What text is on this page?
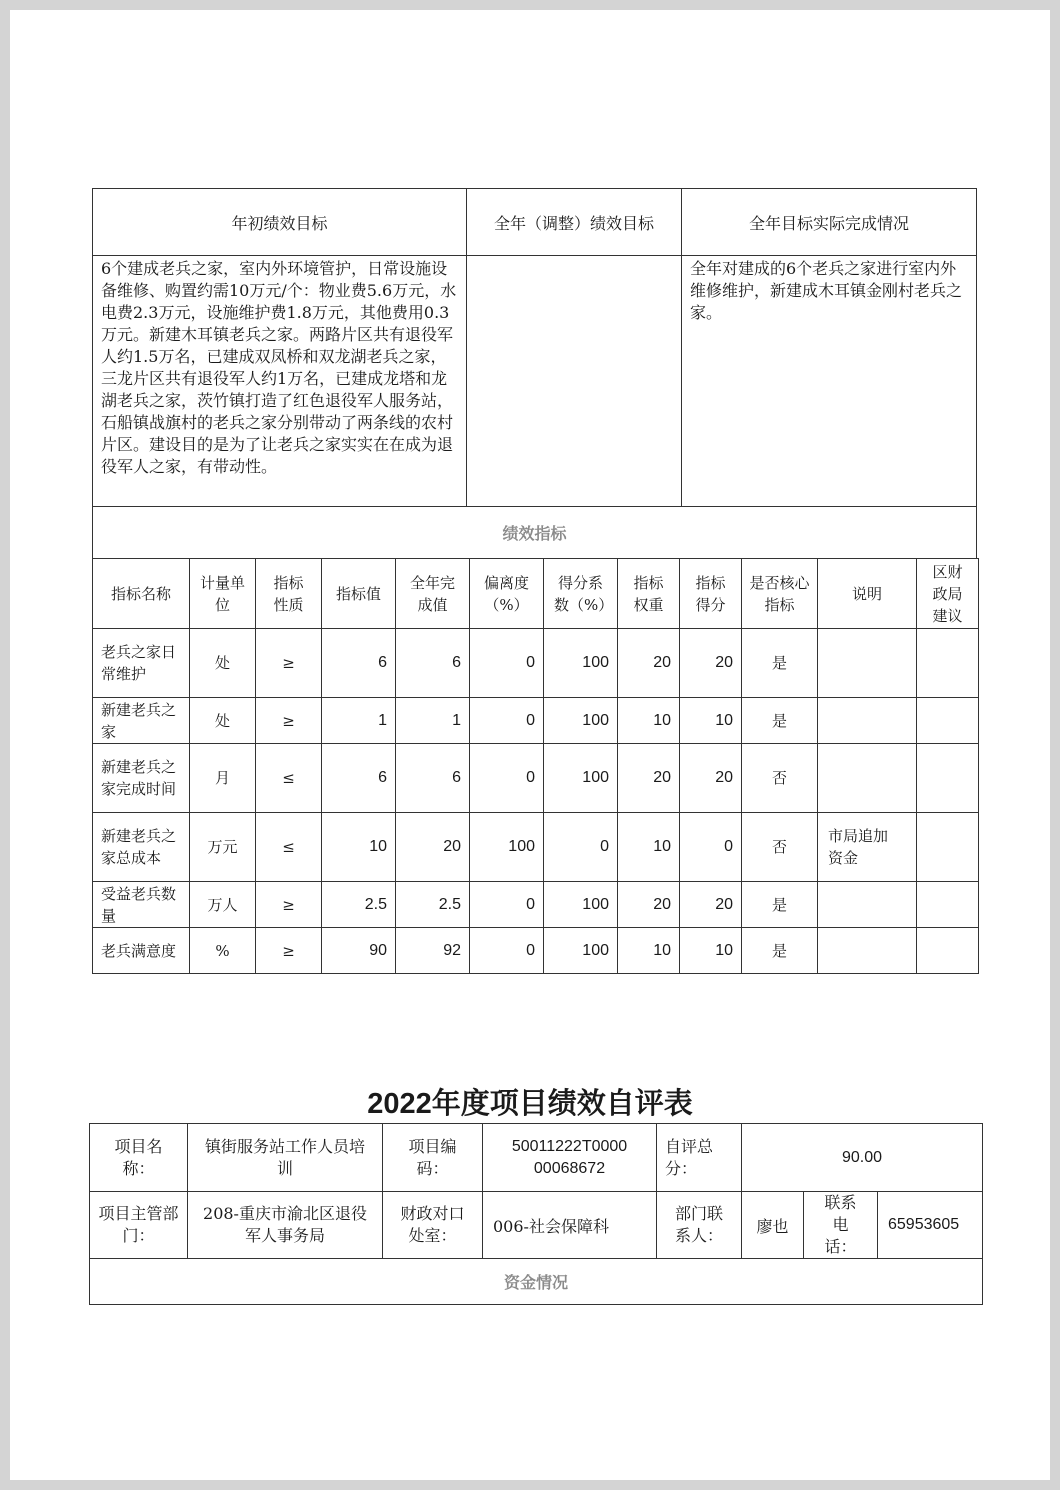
年初绩效目标	全年（调整）绩效目标	全年目标实际完成情况
6个建成老兵之家，室内外环境管护，日常设施设备维修、购置约需10万元/个：物业费5.6万元，水电费2.3万元，设施维护费1.8万元，其他费用0.3万元。新建木耳镇老兵之家。两路片区共有退役军人约1.5万名，已建成双凤桥和双龙湖老兵之家，三龙片区共有退役军人约1万名，已建成龙塔和龙湖老兵之家，茨竹镇打造了红色退役军人服务站，石船镇战旗村的老兵之家分别带动了两条线的农村片区。建设目的是为了让老兵之家实实在在成为退役军人之家，有带动性。		全年对建成的6个老兵之家进行室内外维修维护，新建成木耳镇金刚村老兵之家。
绩效指标		
指标名称	计量单位	指标性质	指标值	全年完成值	偏离度（%）	得分系数（%）	指标权重	指标得分	是否核心指标	说明	区财政局建议
老兵之家日常维护	处	≥	6	6	0	100	20	20	是		
新建老兵之家	处	≥	1	1	0	100	10	10	是		
新建老兵之家完成时间	月	≤	6	6	0	100	20	20	否		
新建老兵之家总成本	万元	≤	10	20	100	0	10	0	否	市局追加资金	
受益老兵数量	万人	≥	2.5	2.5	0	100	20	20	是		
老兵满意度	%	≥	90	92	0	100	10	10	是		
2022年度项目绩效自评表
项目名称：	镇街服务站工作人员培训	项目编码：	50011222T000000068672	自评总分：	90.00		
项目主管部门：	208-重庆市渝北区退役军人事务局	财政对口处室：	006-社会保障科	部门联系人：	廖也	联系电话：	65953605
资金情况							
